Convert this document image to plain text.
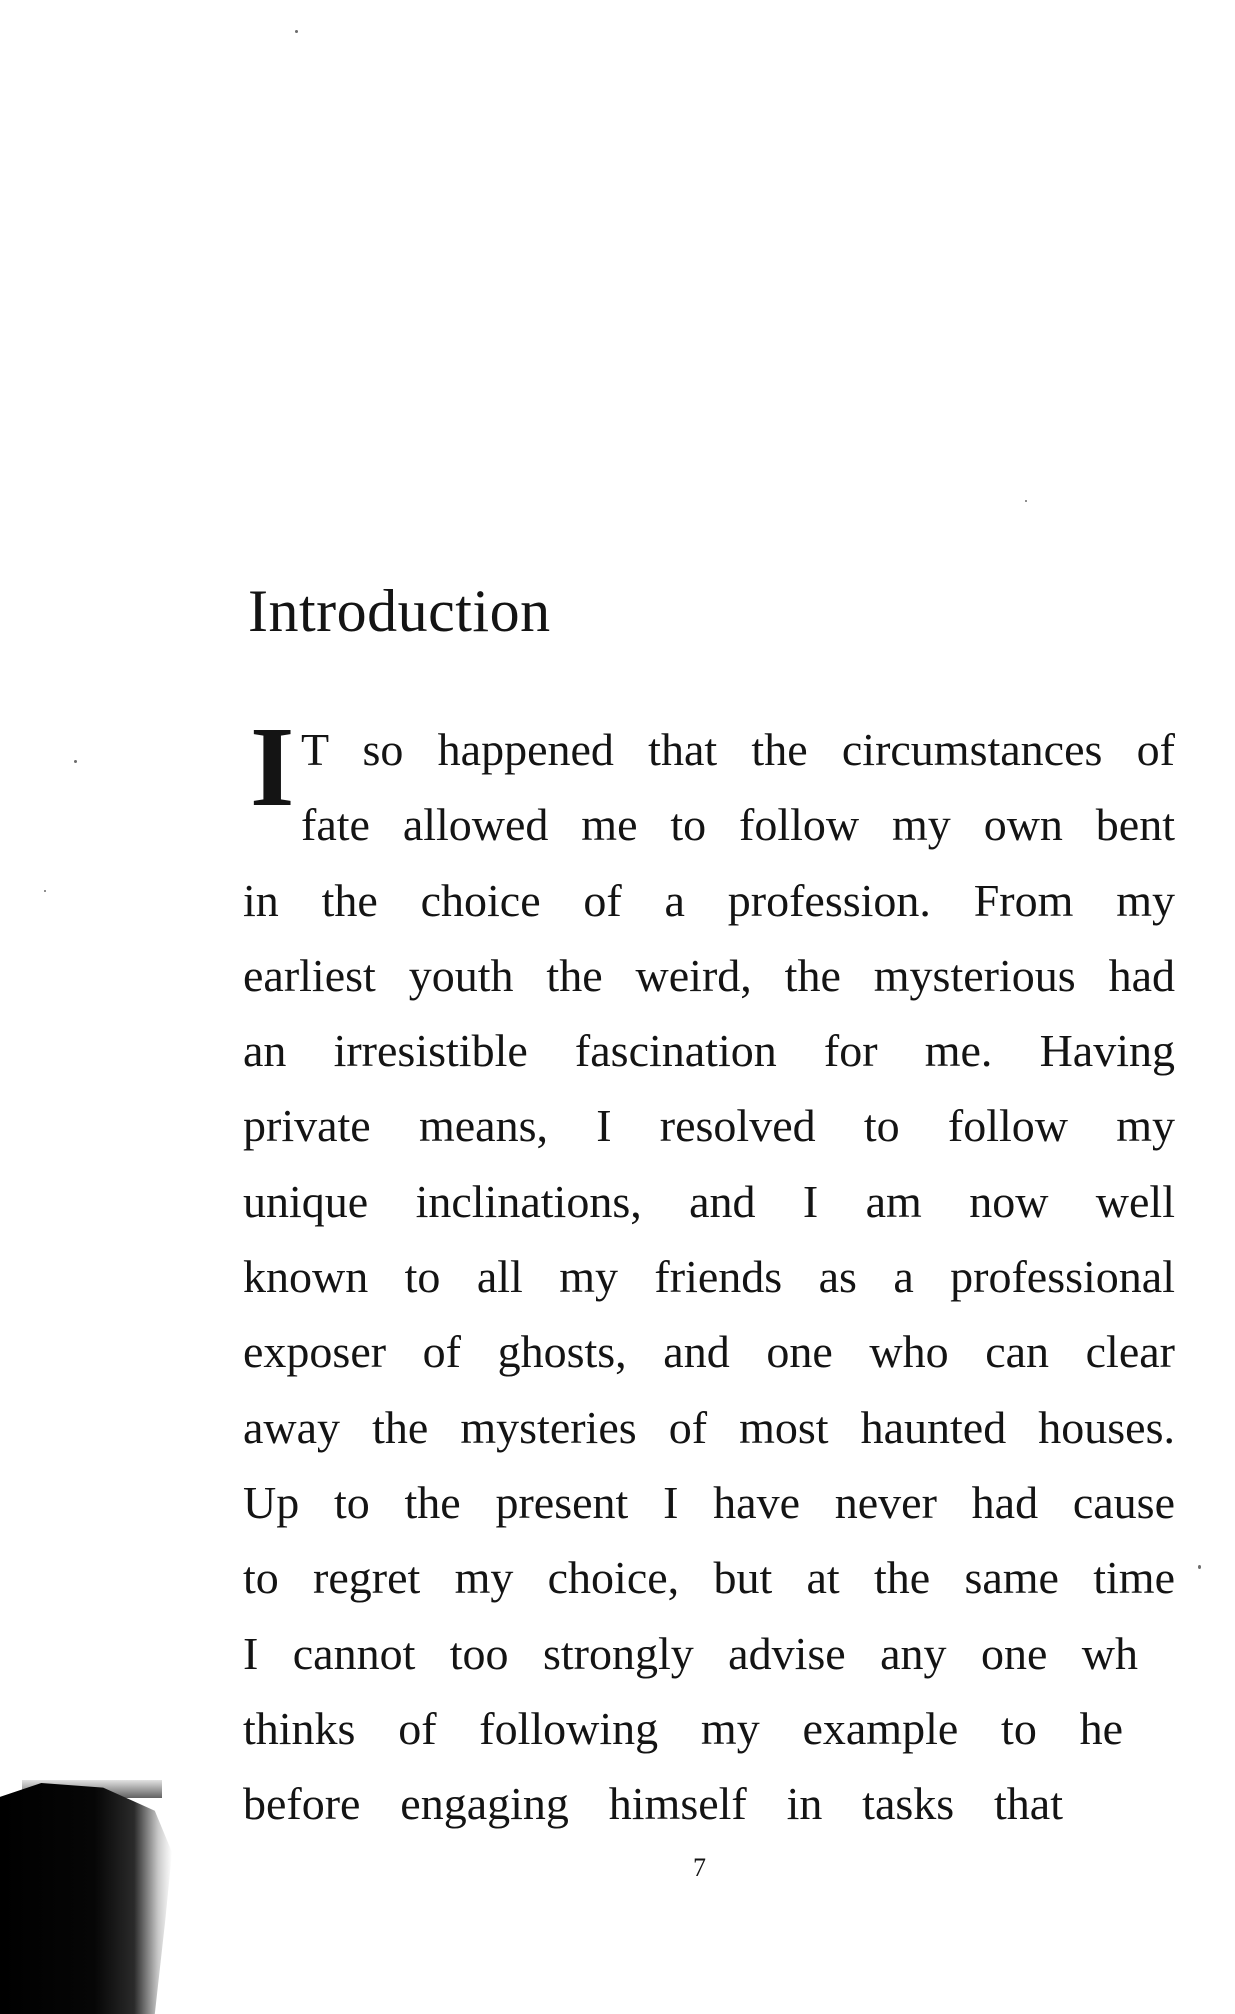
Introduction
I T so happened that the circumstances of
fate allowed me to follow my own bent
in the choice of a profession. From my
earliest youth the weird, the mysterious had
an irresistible fascination for me. Having
private means, I resolved to follow my
unique inclinations, and I am now well
known to all my friends as a professional
exposer of ghosts, and one who can clear
away the mysteries of most haunted houses.
Up to the present I have never had cause
to regret my choice, but at the same time
I cannot too strongly advise any one wh
thinks of following my example to he
before engaging himself in tasks that
7
